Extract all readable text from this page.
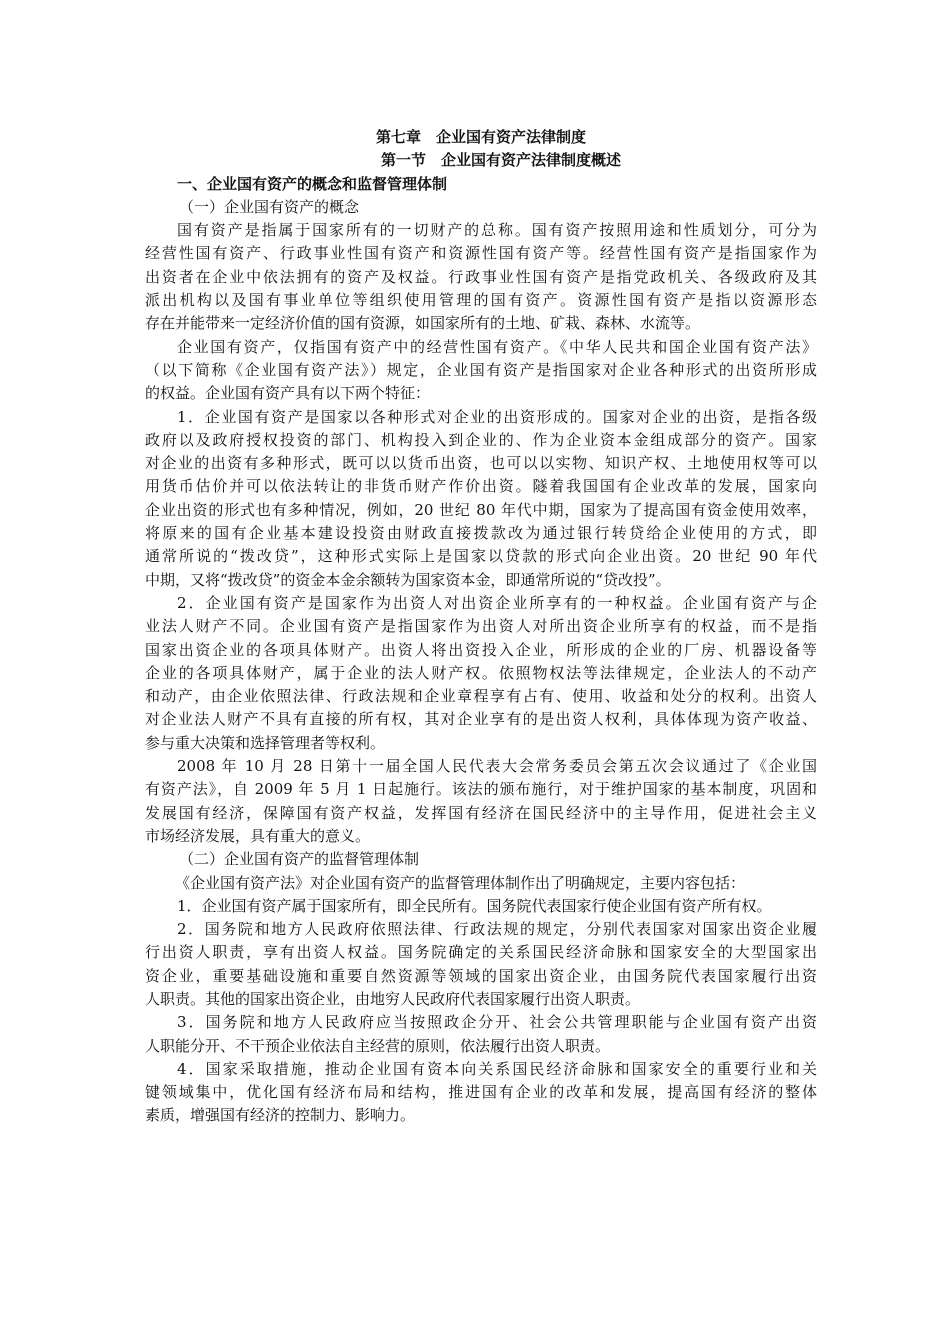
第七章　企业国有资产法律制度
第一节　企业国有资产法律制度概述
一、企业国有资产的概念和监督管理体制
（一）企业国有资产的概念
国有资产是指属于国家所有的一切财产的总称。国有资产按照用途和性质划分，可分为
经营性国有资产、行政事业性国有资产和资源性国有资产等。经营性国有资产是指国家作为
出资者在企业中依法拥有的资产及权益。行政事业性国有资产是指党政机关、各级政府及其
派出机构以及国有事业单位等组织使用管理的国有资产。资源性国有资产是指以资源形态
存在并能带来一定经济价值的国有资源，如国家所有的土地、矿栽、森林、水流等。
企业国有资产，仅指国有资产中的经营性国有资产。《中华人民共和国企业国有资产法》
（以下简称《企业国有资产法》）规定，企业国有资产是指国家对企业各种形式的出资所形成
的权益。企业国有资产具有以下两个特征：
1．企业国有资产是国家以各种形式对企业的出资形成的。国家对企业的出资，是指各级
政府以及政府授权投资的部门、机构投入到企业的、作为企业资本金组成部分的资产。国家
对企业的出资有多种形式，既可以以货币出资，也可以以实物、知识产权、土地使用权等可以
用货币估价并可以依法转让的非货币财产作价出资。隧着我国国有企业改革的发展，国家向
企业出资的形式也有多种情况，例如，20 世纪 80 年代中期，国家为了提高国有资金使用效率，
将原来的国有企业基本建设投资由财政直接拨款改为通过银行转贷给企业使用的方式，即
通常所说的“拨改贷”，这种形式实际上是国家以贷款的形式向企业出资。20 世纪 90 年代
中期，又将“拨改贷”的资金本金余额转为国家资本金，即通常所说的“贷改投”。
2．企业国有资产是国家作为出资人对出资企业所享有的一种权益。企业国有资产与企
业法人财产不同。企业国有资产是指国家作为出资人对所出资企业所享有的权益，而不是指
国家出资企业的各项具体财产。出资人将出资投入企业，所形成的企业的厂房、机器设备等
企业的各项具体财产，属于企业的法人财产权。依照物权法等法律规定，企业法人的不动产
和动产，由企业依照法律、行政法规和企业章程享有占有、使用、收益和处分的权利。出资人
对企业法人财产不具有直接的所有权，其对企业享有的是出资人权利，具体体现为资产收益、
参与重大决策和选择管理者等权利。
2008 年 10 月 28 日第十一届全国人民代表大会常务委员会第五次会议通过了《企业国
有资产法》，自 2009 年 5 月 1 日起施行。该法的颁布施行，对于维护国家的基本制度，巩固和
发展国有经济，保障国有资产权益，发挥国有经济在国民经济中的主导作用，促进社会主义
市场经济发展，具有重大的意义。
（二）企业国有资产的监督管理体制
《企业国有资产法》对企业国有资产的监督管理体制作出了明确规定，主要内容包括：
1．企业国有资产属于国家所有，即全民所有。国务院代表国家行使企业国有资产所有权。
2．国务院和地方人民政府依照法律、行政法规的规定，分别代表国家对国家出资企业履
行出资人职责，享有出资人权益。国务院确定的关系国民经济命脉和国家安全的大型国家出
资企业，重要基础设施和重要自然资源等领域的国家出资企业，由国务院代表国家履行出资
人职责。其他的国家出资企业，由地穷人民政府代表国家履行出资人职责。
3．国务院和地方人民政府应当按照政企分开、社会公共管理职能与企业国有资产出资
人职能分开、不干预企业依法自主经营的原则，依法履行出资人职责。
4．国家采取措施，推动企业国有资本向关系国民经济命脉和国家安全的重要行业和关
键领域集中，优化国有经济布局和结构，推进国有企业的改革和发展，提高国有经济的整体
素质，增强国有经济的控制力、影响力。
